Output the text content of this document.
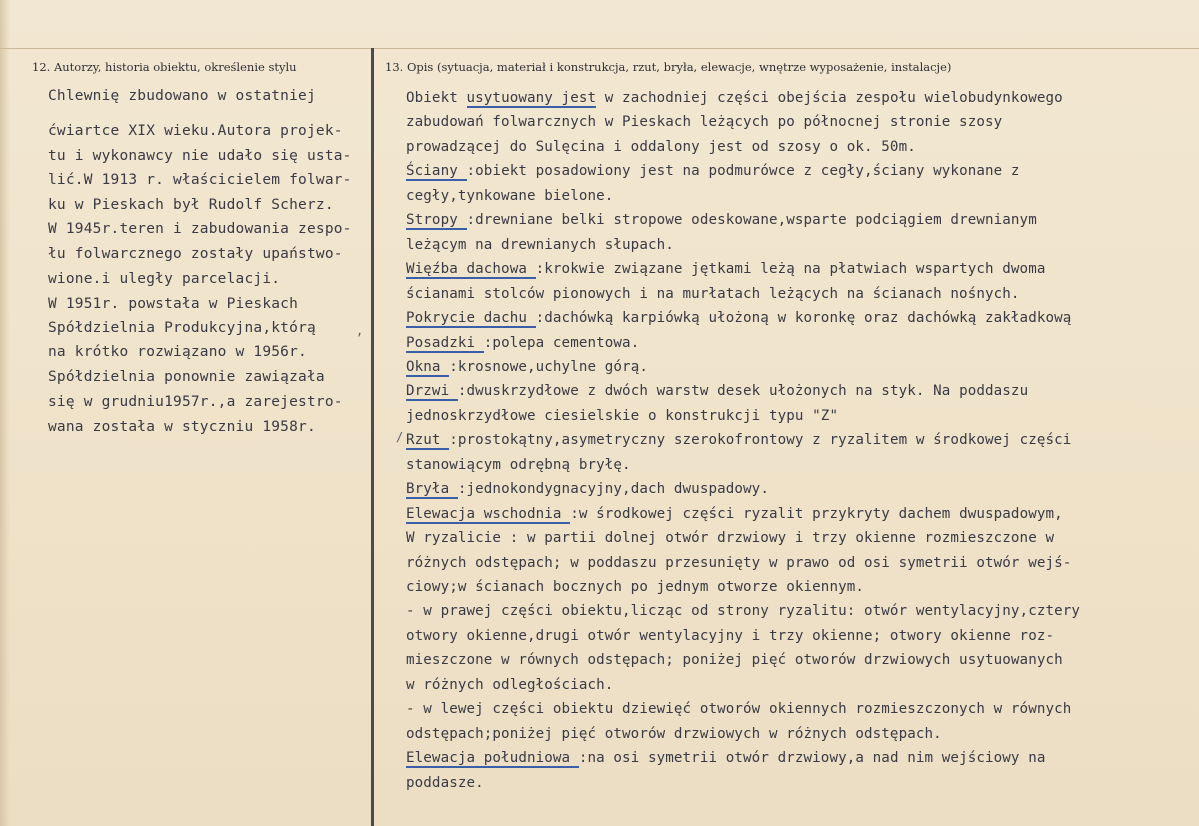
12. Autorzy, historia obiektu, określenie stylu	13. Opis (sytuacja, materiał i konstrukcja, rzut, bryła, elewacje, wnętrze wyposażenie, instalacje)
Chlewnię zbudowano w ostatniej
ćwiartce XIX wieku.Autora projek-
tu i wykonawcy nie udało się usta-
lić.W 1913 r. właścicielem folwar-
ku w Pieskach był Rudolf Scherz.
W 1945r.teren i zabudowania zespo-
łu folwarcznego zostały upaństwo-
wione.i uległy parcelacji.
W 1951r. powstała w Pieskach
Spółdzielnia Produkcyjna,którą
na krótko rozwiązano w 1956r.
Spółdzielnia ponownie zawiązała
się w grudniu1957r.,a zarejestro-
wana została w styczniu 1958r.
Obiekt usytuowany jest w zachodniej części obejścia zespołu wielobudynkowego
zabudowań folwarcznych w Pieskach leżących po północnej stronie szosy
prowadzącej do Sulęcina i oddalony jest od szosy o ok. 50m.
Ściany :obiekt posadowiony jest na podmurówce z cegły,ściany wykonane z
cegły,tynkowane bielone.
Stropy :drewniane belki stropowe odeskowane,wsparte podciągiem drewnianym
leżącym na drewnianych słupach.
Więźba dachowa :krokwie związane jętkami leżą na płatwiach wspartych dwoma
ścianami stolców pionowych i na murłatach leżących na ścianach nośnych.
Pokrycie dachu :dachówką karpiówką ułożoną w koronkę oraz dachówką zakładkową
Posadzki :polepa cementowa.
Okna :krosnowe,uchylne górą.
Drzwi :dwuskrzydłowe z dwóch warstw desek ułożonych na styk. Na poddaszu
jednoskrzydłowe ciesielskie o konstrukcji typu "Z"
Rzut :prostokątny,asymetryczny szerokofrontowy z ryzalitem w środkowej części
stanowiącym odrębną bryłę.
Bryła :jednokondygnacyjny,dach dwuspadowy.
Elewacja wschodnia :w środkowej części ryzalit przykryty dachem dwuspadowym,
W ryzalicie : w partii dolnej otwór drzwiowy i trzy okienne rozmieszczone w
różnych odstępach; w poddaszu przesunięty w prawo od osi symetrii otwór wejś-
ciowy;w ścianach bocznych po jednym otworze okiennym.
- w prawej części obiektu,licząc od strony ryzalitu: otwór wentylacyjny,cztery
otwory okienne,drugi otwór wentylacyjny i trzy okienne; otwory okienne roz-
mieszczone w równych odstępach; poniżej pięć otworów drzwiowych usytuowanych
w różnych odległościach.
- w lewej części obiektu dziewięć otworów okiennych rozmieszczonych w równych
odstępach;poniżej pięć otworów drzwiowych w różnych odstępach.
Elewacja południowa :na osi symetrii otwór drzwiowy,a nad nim wejściowy na
poddasze.
,
/
